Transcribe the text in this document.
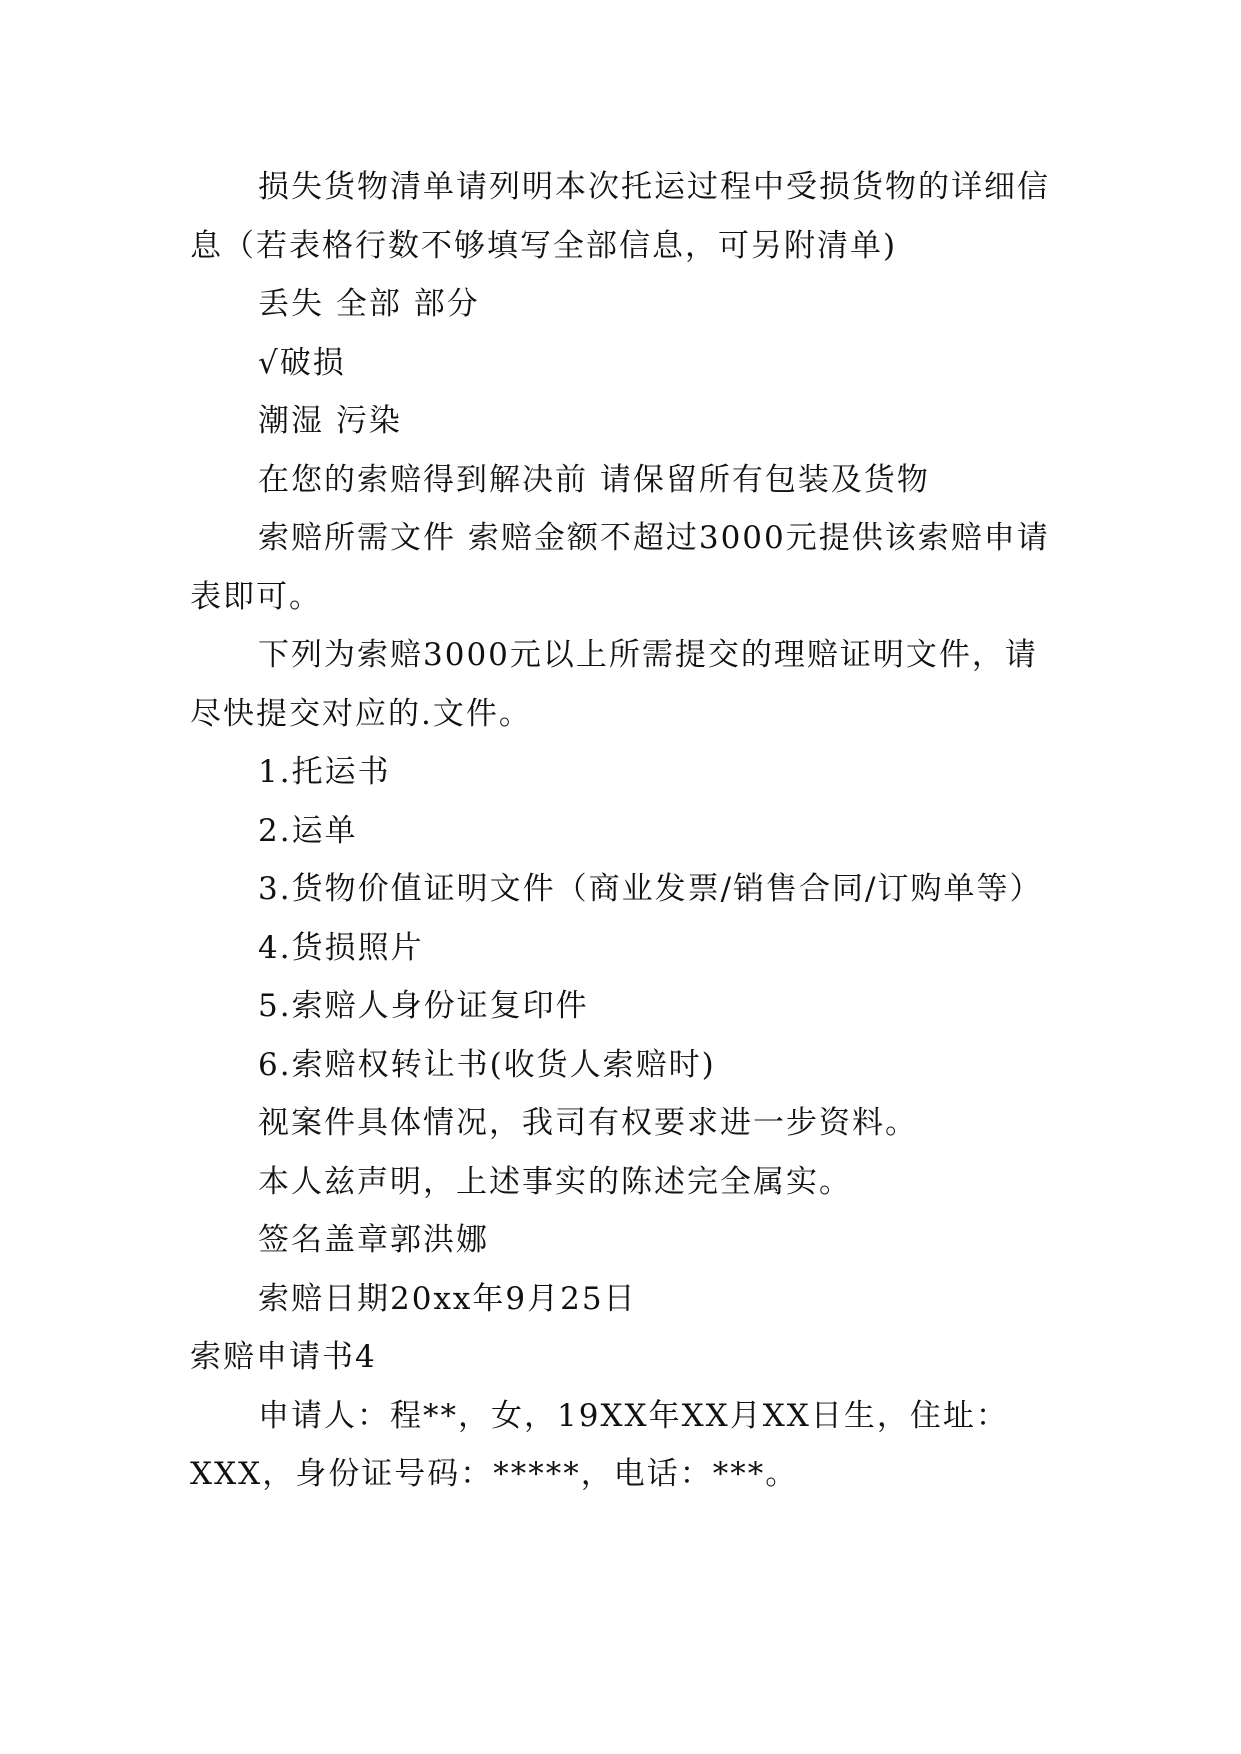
损失货物清单请列明本次托运过程中受损货物的详细信息（若表格行数不够填写全部信息，可另附清单)

丢失 全部 部分

√破损

潮湿 污染

在您的索赔得到解决前 请保留所有包装及货物

索赔所需文件 索赔金额不超过3000元提供该索赔申请表即可。

下列为索赔3000元以上所需提交的理赔证明文件，请尽快提交对应的.文件。

1.托运书

2.运单

3.货物价值证明文件（商业发票/销售合同/订购单等）

4.货损照片

5.索赔人身份证复印件

6.索赔权转让书(收货人索赔时)

视案件具体情况，我司有权要求进一步资料。

本人兹声明，上述事实的陈述完全属实。

签名盖章郭洪娜

索赔日期20xx年9月25日

索赔申请书4

申请人：程**，女，19XX年XX月XX日生，住址：XXX，身份证号码：*****，电话：***。
